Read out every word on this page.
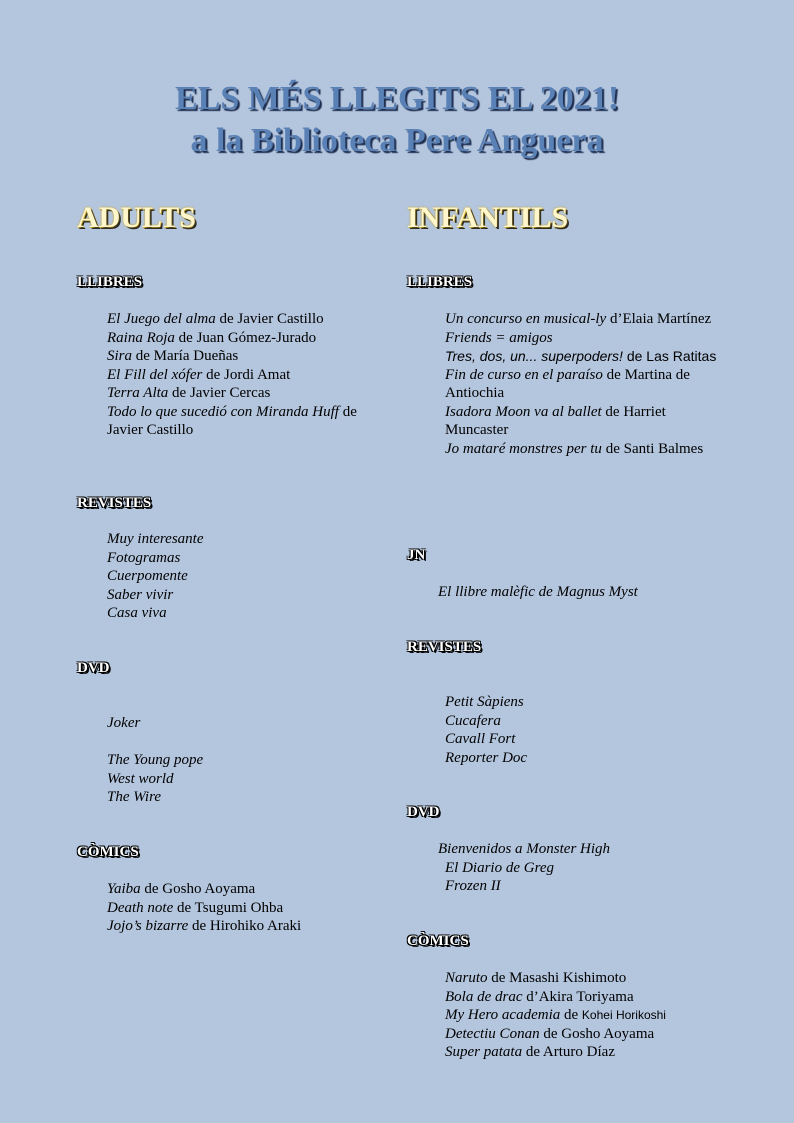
ELS MÉS LLEGITS EL 2021!
a la Biblioteca Pere Anguera
ADULTS
LLIBRES
El Juego del alma de Javier Castillo
Raina Roja de Juan Gómez-Jurado
Sira de María Dueñas
El Fill del xófer de Jordi Amat
Terra Alta de Javier Cercas
Todo lo que sucedió con Miranda Huff de Javier Castillo
REVISTES
Muy interesante
Fotogramas
Cuerpomente
Saber vivir
Casa viva
DVD
Joker
The Young pope
West world
The Wire
CÒMICS
Yaiba de Gosho Aoyama
Death note de Tsugumi Ohba
Jojo’s bizarre de Hirohiko Araki
INFANTILS
LLIBRES
Un concurso en musical-ly d’Elaia Martínez
Friends = amigos
Tres, dos, un... superpoders! de Las Ratitas
Fin de curso en el paraíso de Martina de Antiochia
Isadora Moon va al ballet de Harriet Muncaster
Jo mataré monstres per tu de Santi Balmes
JN
El llibre malèfic de Magnus Myst
REVISTES
Petit Sàpiens
Cucafera
Cavall Fort
Reporter Doc
DVD
Bienvenidos a Monster High
El Diario de Greg
Frozen II
CÒMICS
Naruto de Masashi Kishimoto
Bola de drac d’Akira Toriyama
My Hero academia de Kohei Horikoshi
Detectiu Conan de Gosho Aoyama
Super patata de Arturo Díaz
